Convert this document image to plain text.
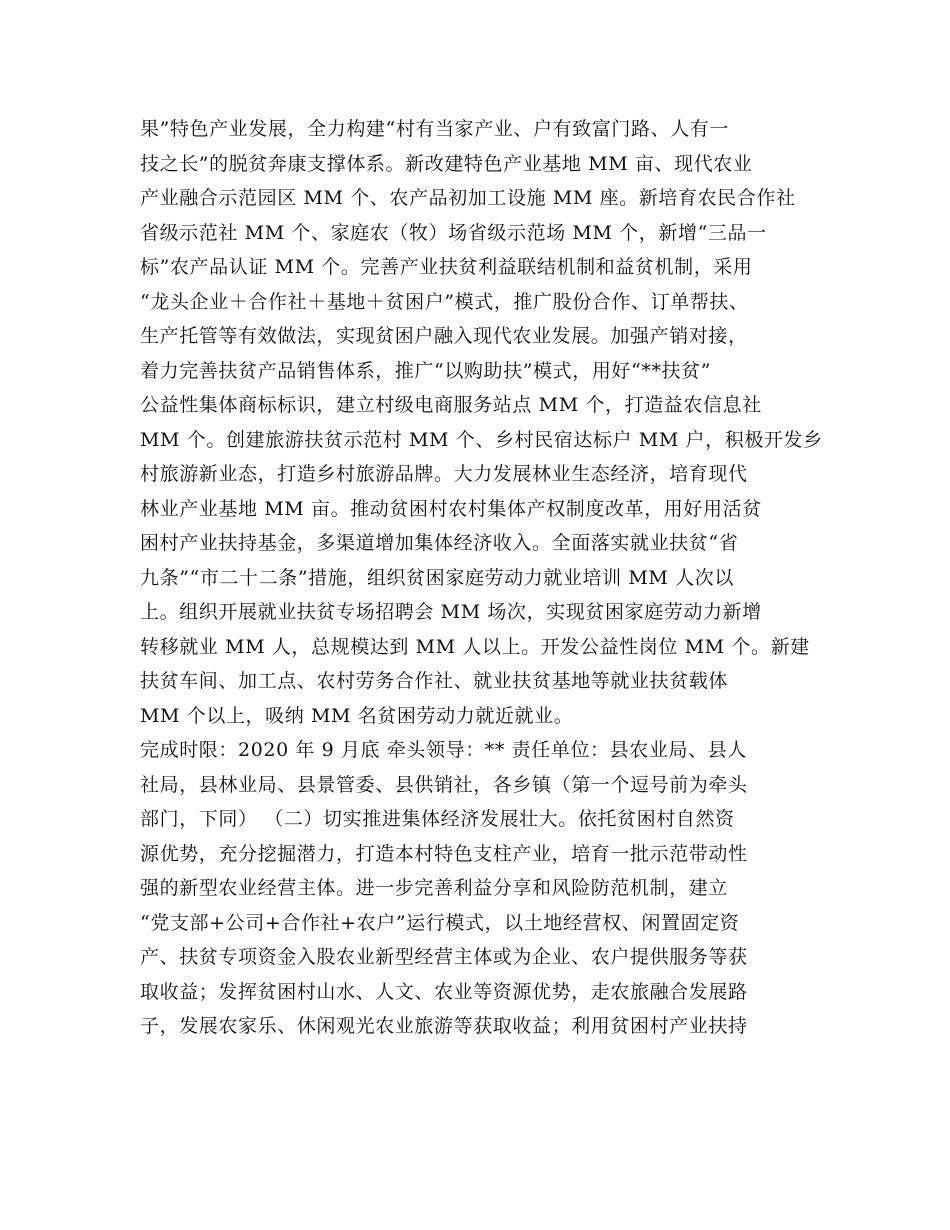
果”特色产业发展，全力构建“村有当家产业、户有致富门路、人有一
技之长”的脱贫奔康支撑体系。新改建特色产业基地 MM 亩、现代农业
产业融合示范园区 MM 个、农产品初加工设施 MM 座。新培育农民合作社
省级示范社 MM 个、家庭农（牧）场省级示范场 MM 个，新增“三品一
标”农产品认证 MM 个。完善产业扶贫利益联结机制和益贫机制，采用
“龙头企业＋合作社＋基地＋贫困户”模式，推广股份合作、订单帮扶、
生产托管等有效做法，实现贫困户融入现代农业发展。加强产销对接，
着力完善扶贫产品销售体系，推广“以购助扶”模式，用好“**扶贫”
公益性集体商标标识，建立村级电商服务站点 MM 个，打造益农信息社
MM 个。创建旅游扶贫示范村 MM 个、乡村民宿达标户 MM 户，积极开发乡
村旅游新业态，打造乡村旅游品牌。大力发展林业生态经济，培育现代
林业产业基地 MM 亩。推动贫困村农村集体产权制度改革，用好用活贫
困村产业扶持基金，多渠道增加集体经济收入。全面落实就业扶贫“省
九条”“市二十二条”措施，组织贫困家庭劳动力就业培训 MM 人次以
上。组织开展就业扶贫专场招聘会 MM 场次，实现贫困家庭劳动力新增
转移就业 MM 人，总规模达到 MM 人以上。开发公益性岗位 MM 个。新建
扶贫车间、加工点、农村劳务合作社、就业扶贫基地等就业扶贫载体
MM 个以上，吸纳 MM 名贫困劳动力就近就业。
完成时限：2020 年 9 月底 牵头领导：** 责任单位：县农业局、县人
社局，县林业局、县景管委、县供销社，各乡镇（第一个逗号前为牵头
部门，下同） （二）切实推进集体经济发展壮大。依托贫困村自然资
源优势，充分挖掘潜力，打造本村特色支柱产业，培育一批示范带动性
强的新型农业经营主体。进一步完善利益分享和风险防范机制，建立
“党支部+公司+合作社+农户”运行模式，以土地经营权、闲置固定资
产、扶贫专项资金入股农业新型经营主体或为企业、农户提供服务等获
取收益；发挥贫困村山水、人文、农业等资源优势，走农旅融合发展路
子，发展农家乐、休闲观光农业旅游等获取收益；利用贫困村产业扶持
